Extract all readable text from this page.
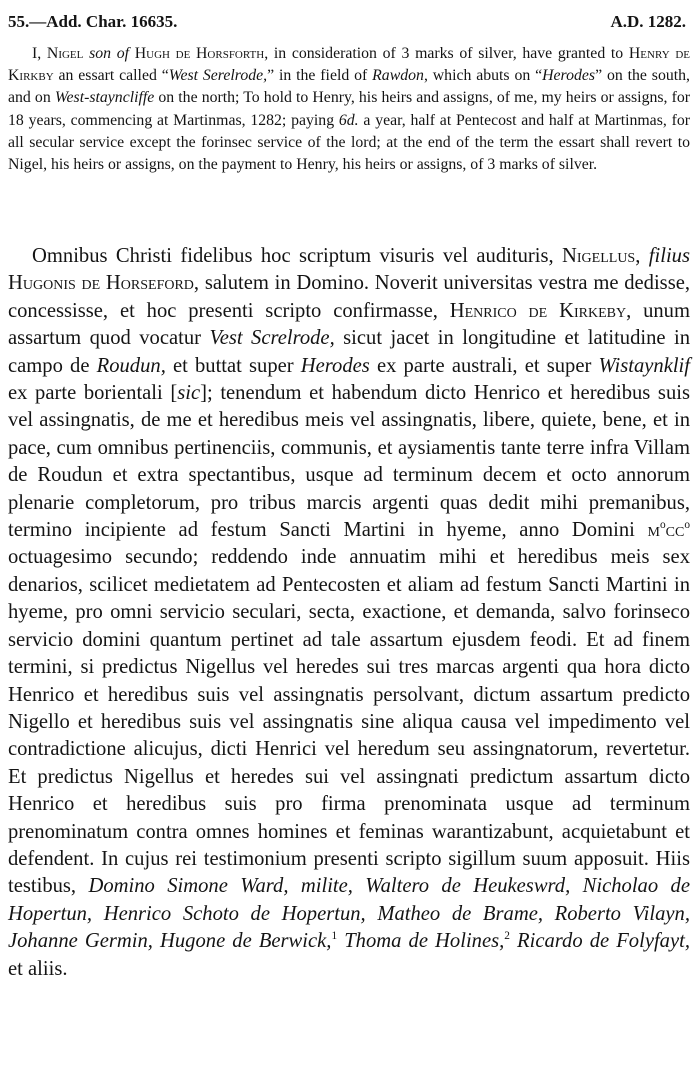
55.—Add. Char. 16635.	A.D. 1282.

I, Nigel son of Hugh de Horsforth, in consideration of 3 marks of silver, have granted to Henry de Kirkby an essart called “West Serelrode,” in the field of Rawdon, which abuts on “Herodes” on the south, and on West-stayncliffe on the north; To hold to Henry, his heirs and assigns, of me, my heirs or assigns, for 18 years, commencing at Martinmas, 1282; paying 6d. a year, half at Pentecost and half at Martinmas, for all secular service except the forinsec service of the lord; at the end of the term the essart shall revert to Nigel, his heirs or assigns, on the payment to Henry, his heirs or assigns, of 3 marks of silver.

Omnibus Christi fidelibus hoc scriptum visuris vel audituris, Nigellus, filius Hugonis de Horseford, salutem in Domino. Noverit universitas vestra me dedisse, concessisse, et hoc presenti scripto confirmasse, Henrico de Kirkeby, unum assartum quod vocatur Vest Screlrode, sicut jacet in longitudine et latitudine in campo de Roudun, et buttat super Herodes ex parte australi, et super Wistaynklif ex parte borientali [sic]; tenendum et habendum dicto Henrico et heredibus suis vel assingnatis, de me et heredibus meis vel assingnatis, libere, quiete, bene, et in pace, cum omnibus pertinenciis, communis, et aysiamentis tante terre infra Villam de Roudun et extra spectantibus, usque ad terminum decem et octo annorum plenarie completorum, pro tribus marcis argenti quas dedit mihi premanibus, termino incipiente ad festum Sancti Martini in hyeme, anno Domini $m^occ^o$ octuagesimo secundo; reddendo inde annuatim mihi et heredibus meis sex denarios, scilicet medietatem ad Pentecosten et aliam ad festum Sancti Martini in hyeme, pro omni servicio seculari, secta, exactione, et demanda, salvo forinseco servicio domini quantum pertinet ad tale assartum ejusdem feodi. Et ad finem termini, si predictus Nigellus vel heredes sui tres marcas argenti qua hora dicto Henrico et heredibus suis vel assingnatis persolvant, dictum assartum predicto Nigello et heredibus suis vel assingnatis sine aliqua causa vel impedimento vel contradictione alicujus, dicti Henrici vel heredum seu assingnatorum, revertetur. Et predictus Nigellus et heredes sui vel assingnati predictum assartum dicto Henrico et heredibus suis pro firma prenominata usque ad terminum prenominatum contra omnes homines et feminas warantizabunt, acquietabunt et defendent. In cujus rei testimonium presenti scripto sigillum suum apposuit. Hiis testibus, Domino Simone Ward, milite, Waltero de Heukeswrd, Nicholao de Hopertun, Henrico Schoto de Hopertun, Matheo de Brame, Roberto Vilayn, Johanne Germin, Hugone de Berwick,$^1$ Thoma de Holines,$^2$ Ricardo de Folyfayt, et aliis.
